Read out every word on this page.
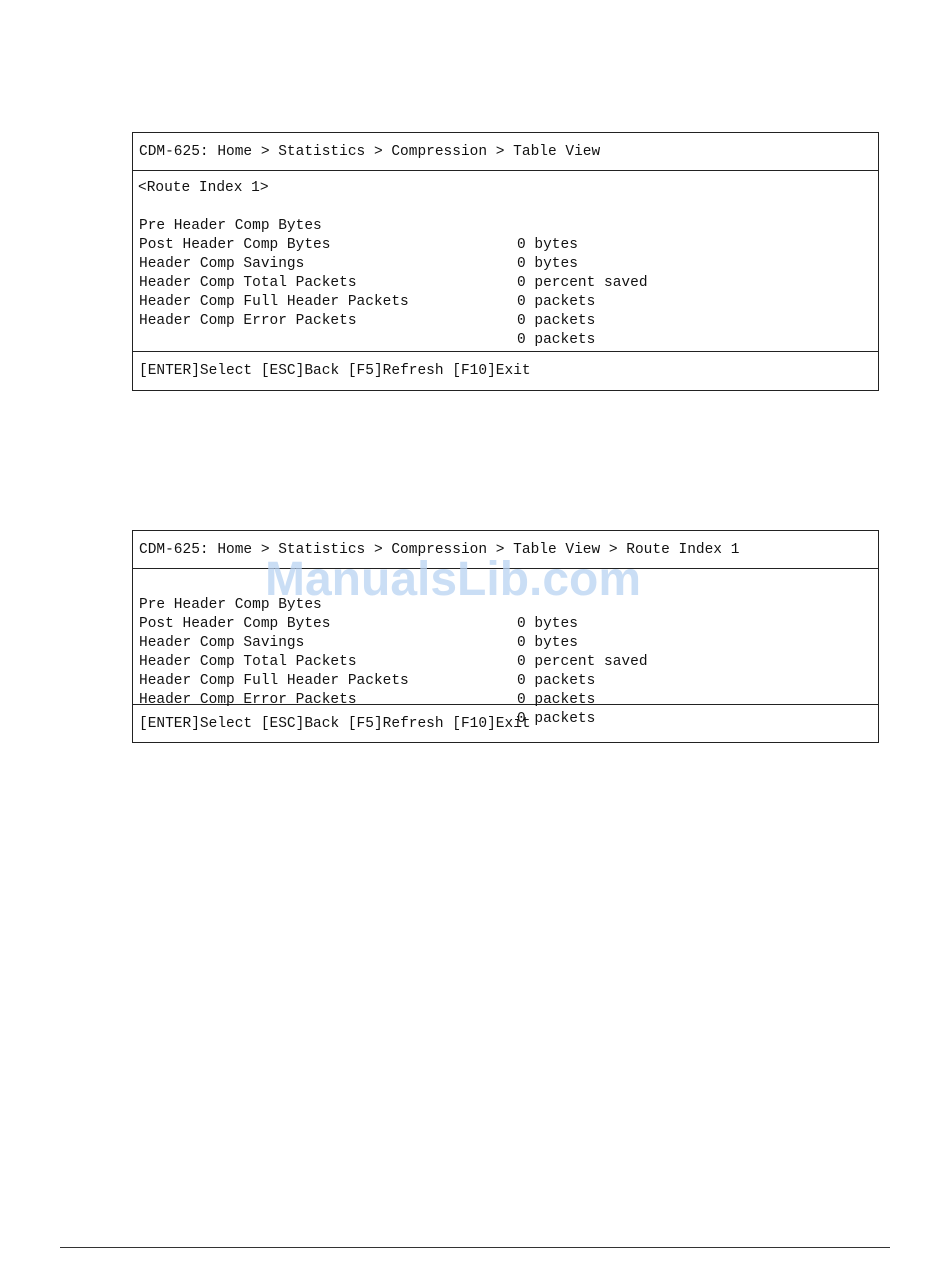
CDM-625: Home > Statistics > Compression > Table View
<Route Index 1>

Pre Header Comp Bytes

0 bytes

Post Header Comp Bytes

0 bytes

Header Comp Savings

0 percent saved

Header Comp Total Packets

0 packets

Header Comp Full Header Packets

0 packets

Header Comp Error Packets

0 packets

[ENTER]Select [ESC]Back [F5]Refresh [F10]Exit
CDM-625: Home > Statistics > Compression > Table View > Route Index 1

Pre Header Comp Bytes

0 bytes

Post Header Comp Bytes

0 bytes

Header Comp Savings

0 percent saved

Header Comp Total Packets

0 packets

Header Comp Full Header Packets

0 packets

Header Comp Error Packets

0 packets

[ENTER]Select [ESC]Back [F5]Refresh [F10]Exit
ManualsLib.com
